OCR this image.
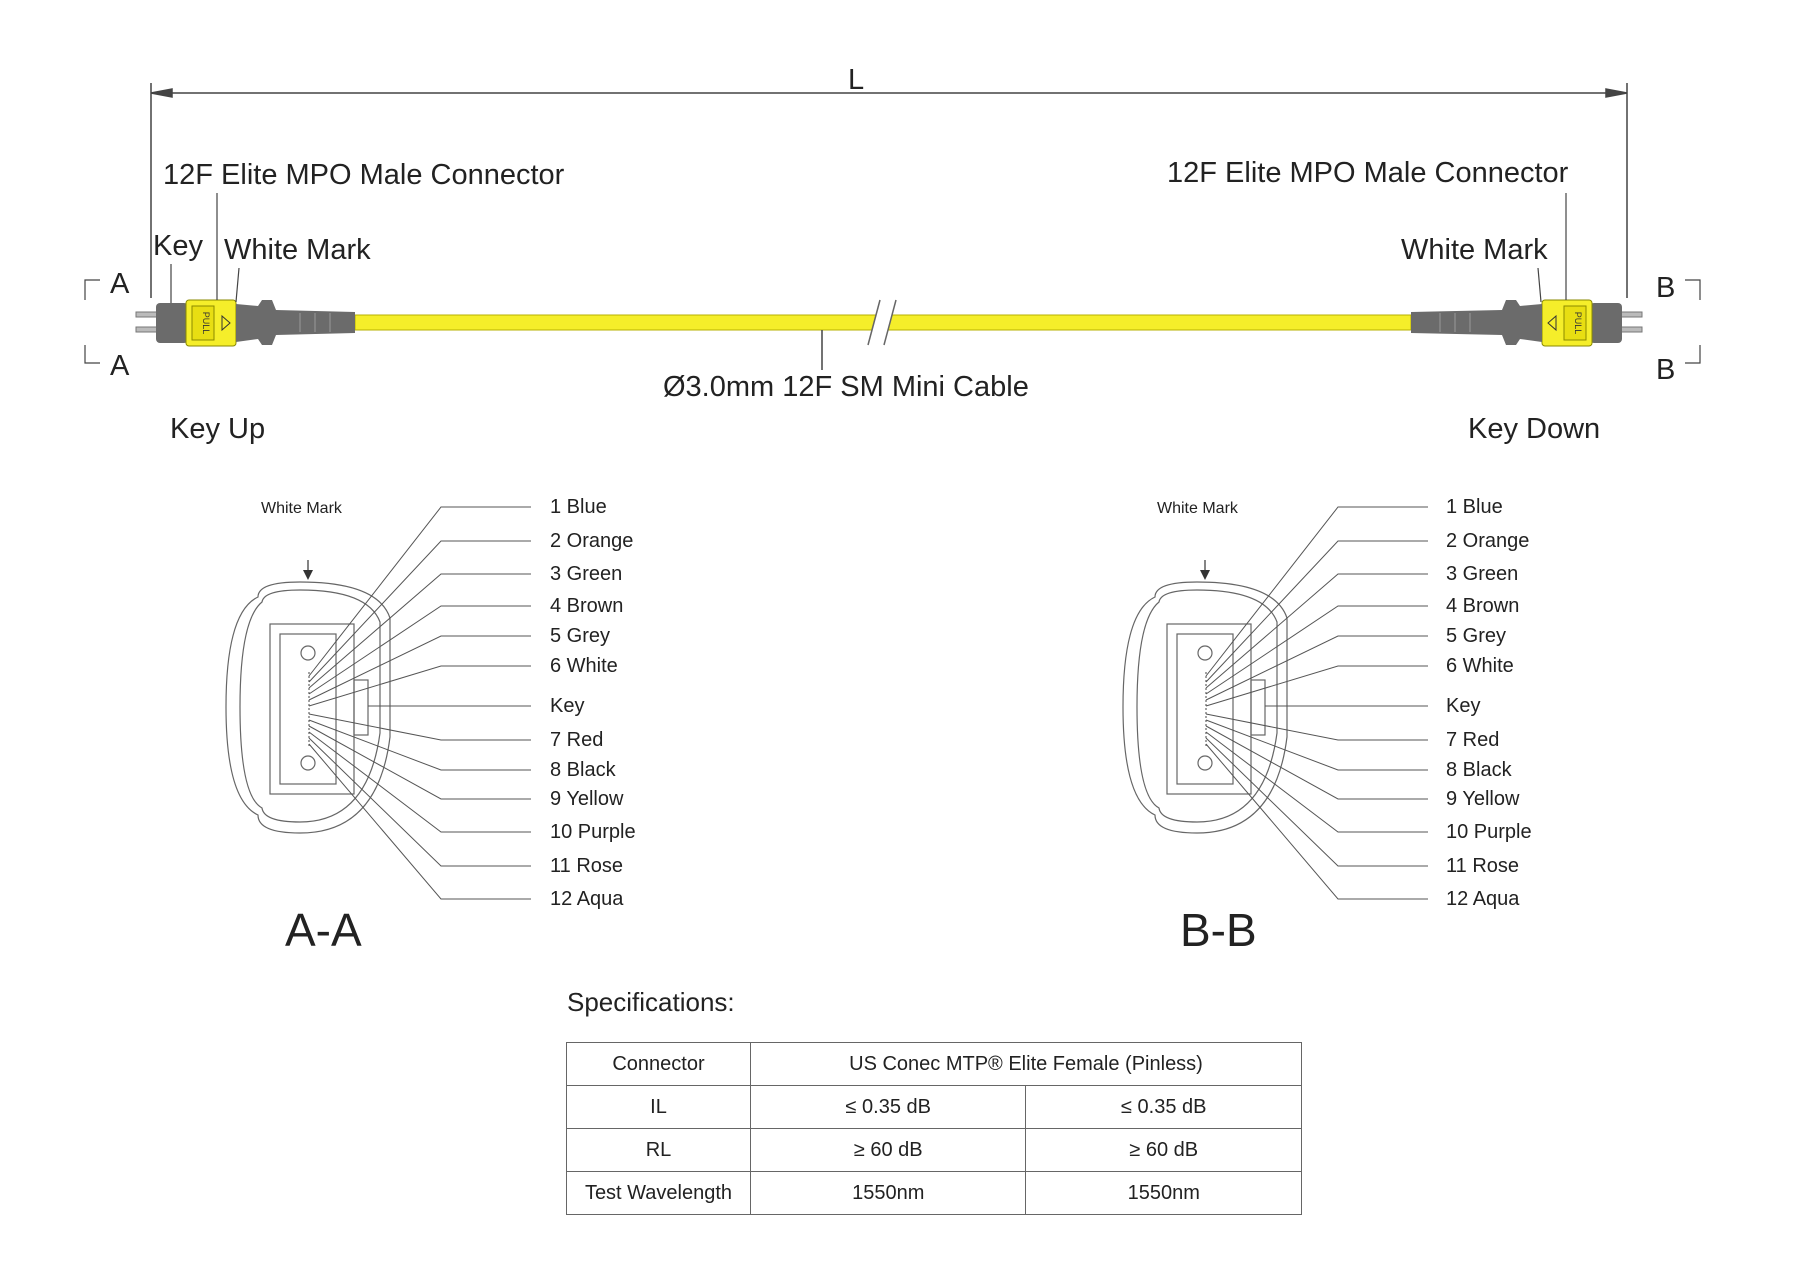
PULL	PULL
L
12F Elite MPO Male Connector	12F Elite MPO Male Connector
Key White Mark	White Mark
A
A
B
B
Ø3.0mm 12F SM Mini Cable
Key Up	Key Down
White Mark	1 Blue
2 Orange
3 Green
4 Brown
5 Grey
6 White
Key
7 Red
8 Black
9 Yellow
10 Purple
11 Rose
12 Aqua
A-A
White Mark	1 Blue
2 Orange
3 Green
4 Brown
5 Grey
6 White
Key
7 Red
8 Black
9 Yellow
10 Purple
11 Rose
12 Aqua
B-B
Specifications:
Connector	US Conec MTP® Elite Female (Pinless)	
IL	≤ 0.35 dB	≤ 0.35 dB
RL	≥ 60 dB	≥ 60 dB
Test Wavelength	1550nm	1550nm
